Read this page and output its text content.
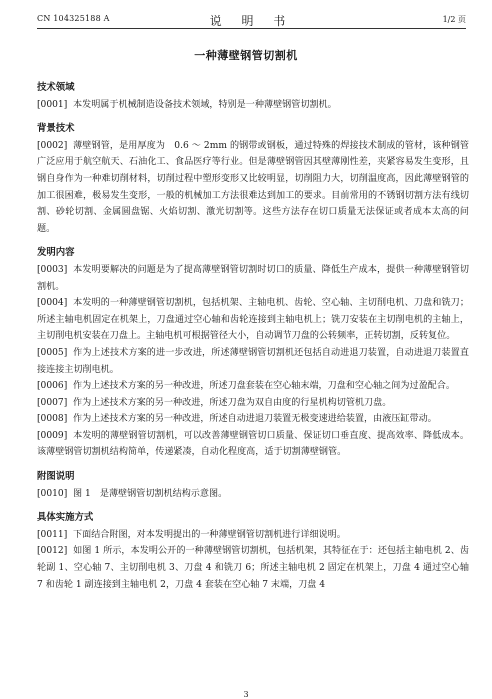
CN 104325188 A	说 明 书	1/2 页
一种薄壁钢管切割机
技术领域
[0001] 本发明属于机械制造设备技术领域，特别是一种薄壁钢管切割机。
背景技术
[0002] 薄壁钢管，是用厚度为　0.6 ～ 2mm 的钢带或钢板，通过特殊的焊接技术制成的管材，该种钢管广泛应用于航空航天、石油化工、食品医疗等行业。但是薄壁钢管因其壁薄刚性差，夹紧容易发生变形，且钢自身作为一种难切削材料，切削过程中塑形变形又比较明显，切削阻力大，切削温度高，因此薄壁钢管的加工很困难，极易发生变形，一般的机械加工方法很难达到加工的要求。目前常用的不锈钢切割方法有线切割、砂轮切割、金属圆盘锯、火焰切割、激光切割等。这些方法存在切口质量无法保证或者成本太高的问题。
发明内容
[0003] 本发明要解决的问题是为了提高薄壁钢管切割时切口的质量、降低生产成本，提供一种薄壁钢管切割机。
[0004] 本发明的一种薄壁钢管切割机，包括机架、主轴电机、齿轮、空心轴、主切削电机、刀盘和铣刀；所述主轴电机固定在机架上，刀盘通过空心轴和齿轮连接到主轴电机上；铣刀安装在主切削电机的主轴上，主切削电机安装在刀盘上。主轴电机可根据管径大小，自动调节刀盘的公转频率，正转切割，反转复位。
[0005] 作为上述技术方案的进一步改进，所述薄壁钢管切割机还包括自动进退刀装置，自动进退刀装置直接连接主切削电机。
[0006] 作为上述技术方案的另一种改进，所述刀盘套装在空心轴末端，刀盘和空心轴之间为过盈配合。
[0007] 作为上述技术方案的另一种改进，所述刀盘为双自由度的行星机构切管机刀盘。
[0008] 作为上述技术方案的另一种改进，所述自动进退刀装置无极变速进给装置，由液压缸带动。
[0009] 本发明的薄壁钢管切割机，可以改善薄壁钢管切口质量、保证切口垂直度、提高效率、降低成本。该薄壁钢管切割机结构简单，传递紧凑，自动化程度高，适于切割薄壁钢管。
附图说明
[0010] 图 1　是薄壁钢管切割机结构示意图。
具体实施方式
[0011] 下面结合附图，对本发明提出的一种薄壁钢管切割机进行详细说明。
[0012] 如图 1 所示，本发明公开的一种薄壁钢管切割机，包括机架，其特征在于：还包括主轴电机 2、齿轮副 1、空心轴 7、主切削电机 3、刀盘 4 和铣刀 6；所述主轴电机 2 固定在机架上，刀盘 4 通过空心轴 7 和齿轮 1 副连接到主轴电机 2，刀盘 4 套装在空心轴 7 末端，刀盘 4
3
